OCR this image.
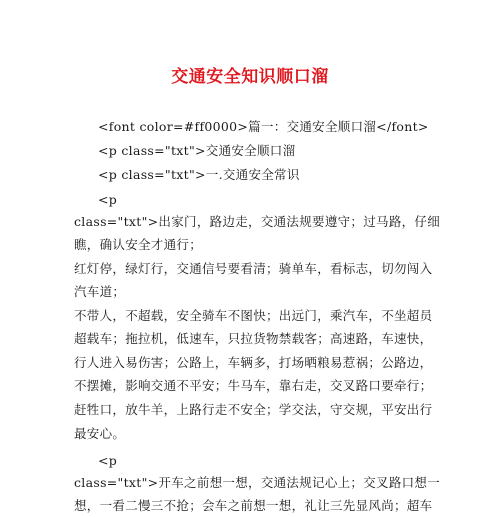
交通安全知识顺口溜
<font color=#ff0000>篇一：交通安全顺口溜</font>
<p class="txt">交通安全顺口溜
<p class="txt">一.交通安全常识
<p
class="txt">出家门，路边走，交通法规要遵守；过马路，仔细
瞧，确认安全才通行；
红灯停，绿灯行，交通信号要看清；骑单车，看标志，切勿闯入
汽车道；
不带人，不超载，安全骑车不图快；出远门，乘汽车，不坐超员
超载车；拖拉机，低速车，只拉货物禁载客；高速路，车速快，
行人进入易伤害；公路上，车辆多，打场晒粮易惹祸；公路边，
不摆摊，影响交通不平安；牛马车，靠右走，交叉路口要牵行；
赶牲口，放牛羊，上路行走不安全；学交法，守交规，平安出行
最安心。
<p
class="txt">开车之前想一想，交通法规记心上；交叉路口想一
想，一看二慢三不抢；会车之前想一想，礼让三先显风尚；超车
